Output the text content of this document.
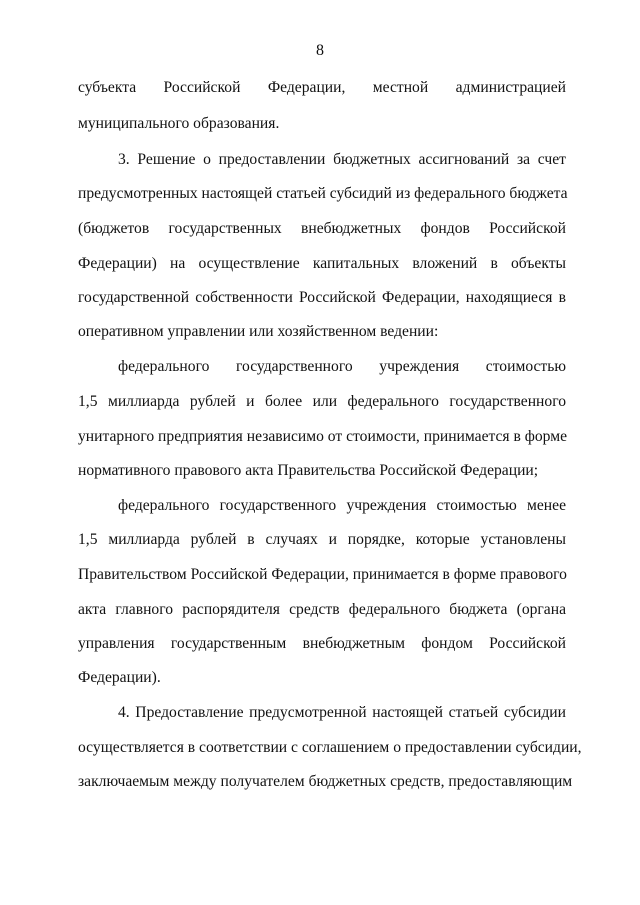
8
субъекта Российской Федерации, местной администрацией
муниципального образования.
3. Решение о предоставлении бюджетных ассигнований за счет
предусмотренных настоящей статьей субсидий из федерального бюджета
(бюджетов государственных внебюджетных фондов Российской
Федерации) на осуществление капитальных вложений в объекты
государственной собственности Российской Федерации, находящиеся в
оперативном управлении или хозяйственном ведении:
федерального государственного учреждения стоимостью
1,5 миллиарда рублей и более или федерального государственного
унитарного предприятия независимо от стоимости, принимается в форме
нормативного правового акта Правительства Российской Федерации;
федерального государственного учреждения стоимостью менее
1,5 миллиарда рублей в случаях и порядке, которые установлены
Правительством Российской Федерации, принимается в форме правового
акта главного распорядителя средств федерального бюджета (органа
управления государственным внебюджетным фондом Российской
Федерации).
4. Предоставление предусмотренной настоящей статьей субсидии
осуществляется в соответствии с соглашением о предоставлении субсидии,
заключаемым между получателем бюджетных средств, предоставляющим
